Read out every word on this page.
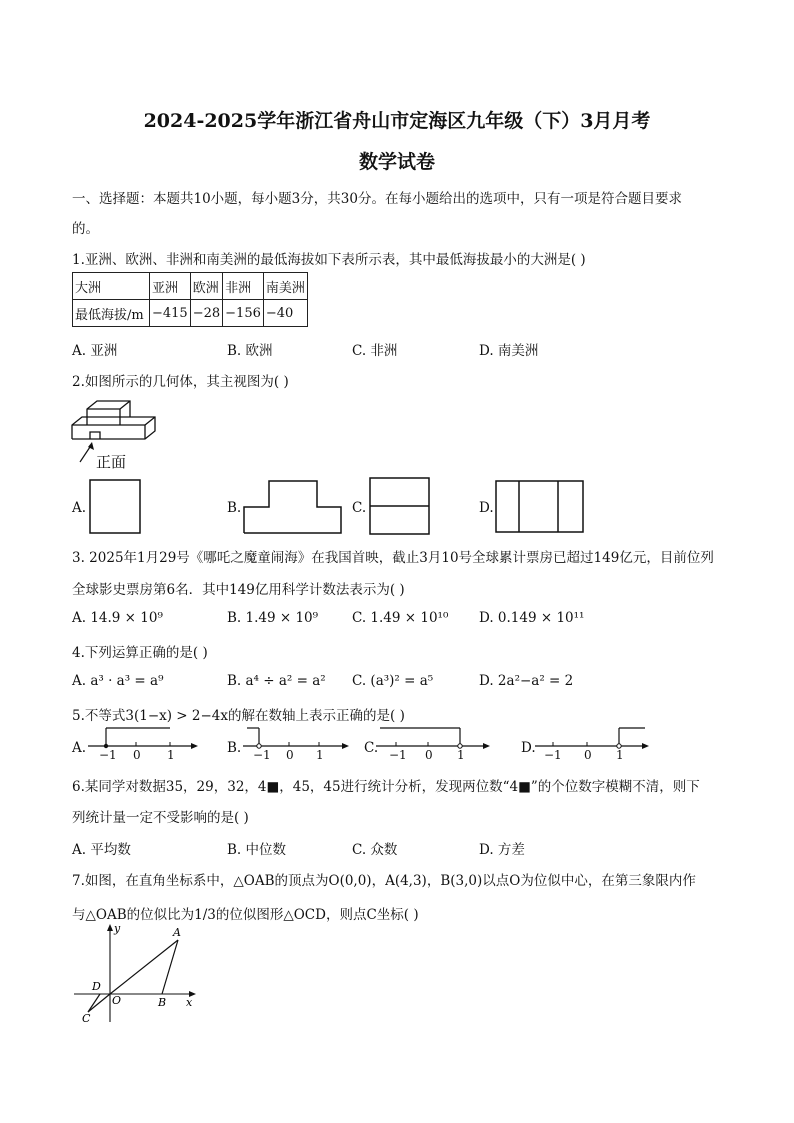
2024-2025学年浙江省舟山市定海区九年级（下）3月月考
数学试卷
一、选择题：本题共10小题，每小题3分，共30分。在每小题给出的选项中，只有一项是符合题目要求
的。
1.亚洲、欧洲、非洲和南美洲的最低海拔如下表所示表，其中最低海拔最小的大洲是( )
大洲	亚洲	欧洲	非洲	南美洲
最低海拔/m	−415	−28	−156	−40
A. 亚洲	B. 欧洲	C. 非洲	D. 南美洲
2.如图所示的几何体，其主视图为( )
正面
A.	B.	C.	D.
3. 2025年1月29号《哪吒之魔童闹海》在我国首映，截止3月10号全球累计票房已超过149亿元，目前位列
全球影史票房第6名．其中149亿用科学计数法表示为( )
A. 14.9 × 10⁹	B. 1.49 × 10⁹	C. 1.49 × 10¹⁰ D. 0.149 × 10¹¹
4.下列运算正确的是( )
A. a³ · a³ = a⁹	B. a⁴ ÷ a² = a² C. (a³)² = a⁵	D. 2a²−a² = 2
5.不等式3(1−x) > 2−4x的解在数轴上表示正确的是( )
A. −1 0 1	B. −1 0 1	C. −1 0 1	D. −1 0 1
6.某同学对数据35，29，32，4■，45，45进行统计分析，发现两位数“4■”的个位数字模糊不清，则下
列统计量一定不受影响的是( )
A. 平均数	B. 中位数	C. 众数	D. 方差
7.如图，在直角坐标系中，△OAB的顶点为O(0,0)，A(4,3)，B(3,0)以点O为位似中心，在第三象限内作
与△OAB的位似比为1/3的位似图形△OCD，则点C坐标( )
y	A
D
O	B x
C
